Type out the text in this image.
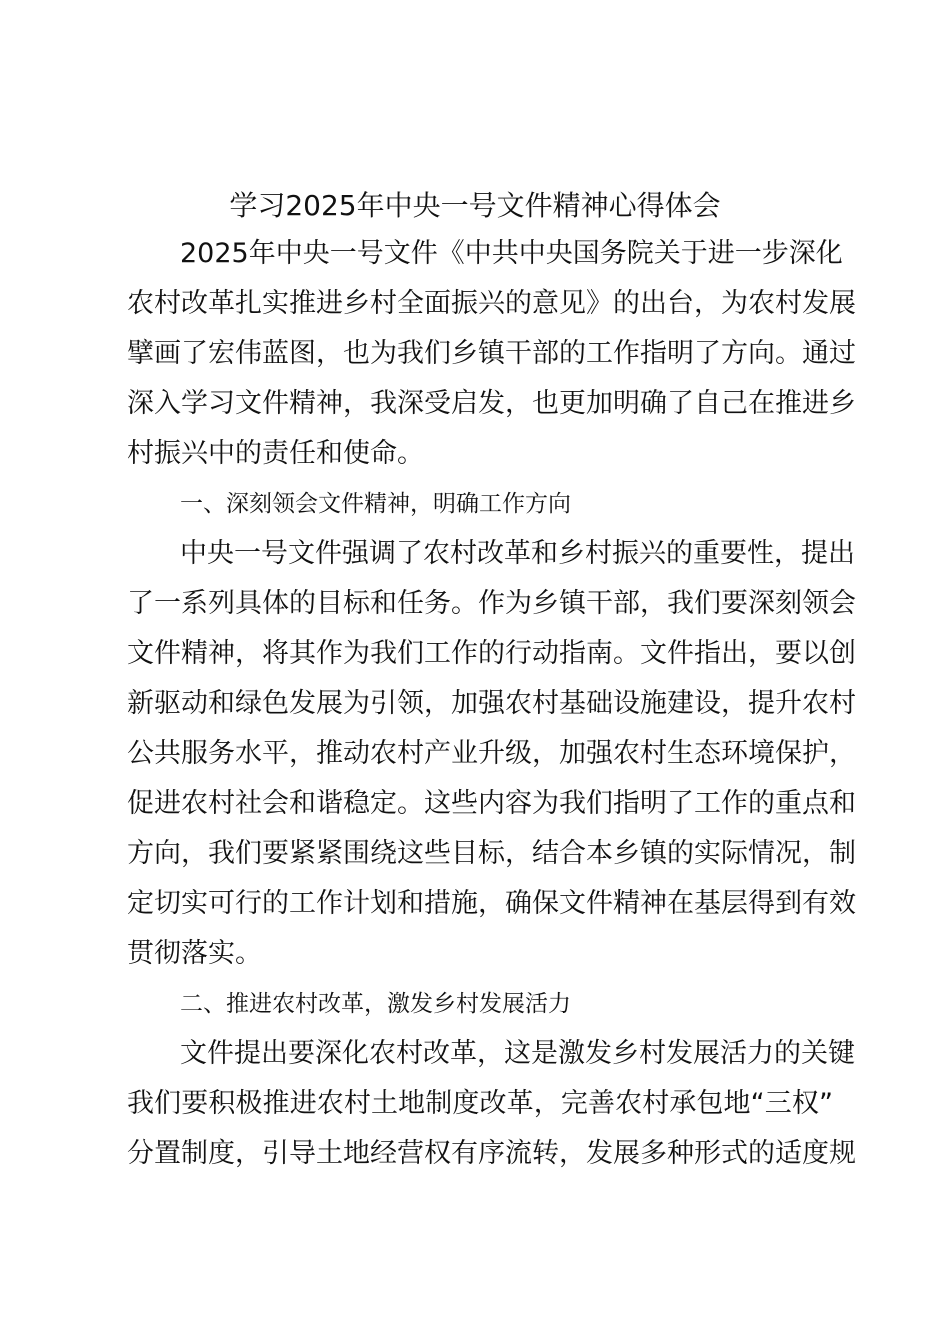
学习2025年中央一号文件精神心得体会
2025年中央一号文件《中共中央国务院关于进一步深化
农村改革扎实推进乡村全面振兴的意见》的出台，为农村发展
擘画了宏伟蓝图，也为我们乡镇干部的工作指明了方向。通过
深入学习文件精神，我深受启发，也更加明确了自己在推进乡
村振兴中的责任和使命。
一、深刻领会文件精神，明确工作方向
中央一号文件强调了农村改革和乡村振兴的重要性，提出
了一系列具体的目标和任务。作为乡镇干部，我们要深刻领会
文件精神，将其作为我们工作的行动指南。文件指出，要以创
新驱动和绿色发展为引领，加强农村基础设施建设，提升农村
公共服务水平，推动农村产业升级，加强农村生态环境保护，
促进农村社会和谐稳定。这些内容为我们指明了工作的重点和
方向，我们要紧紧围绕这些目标，结合本乡镇的实际情况，制
定切实可行的工作计划和措施，确保文件精神在基层得到有效
贯彻落实。
二、推进农村改革，激发乡村发展活力
文件提出要深化农村改革，这是激发乡村发展活力的关键
我们要积极推进农村土地制度改革，完善农村承包地“三权”
分置制度，引导土地经营权有序流转，发展多种形式的适度规
